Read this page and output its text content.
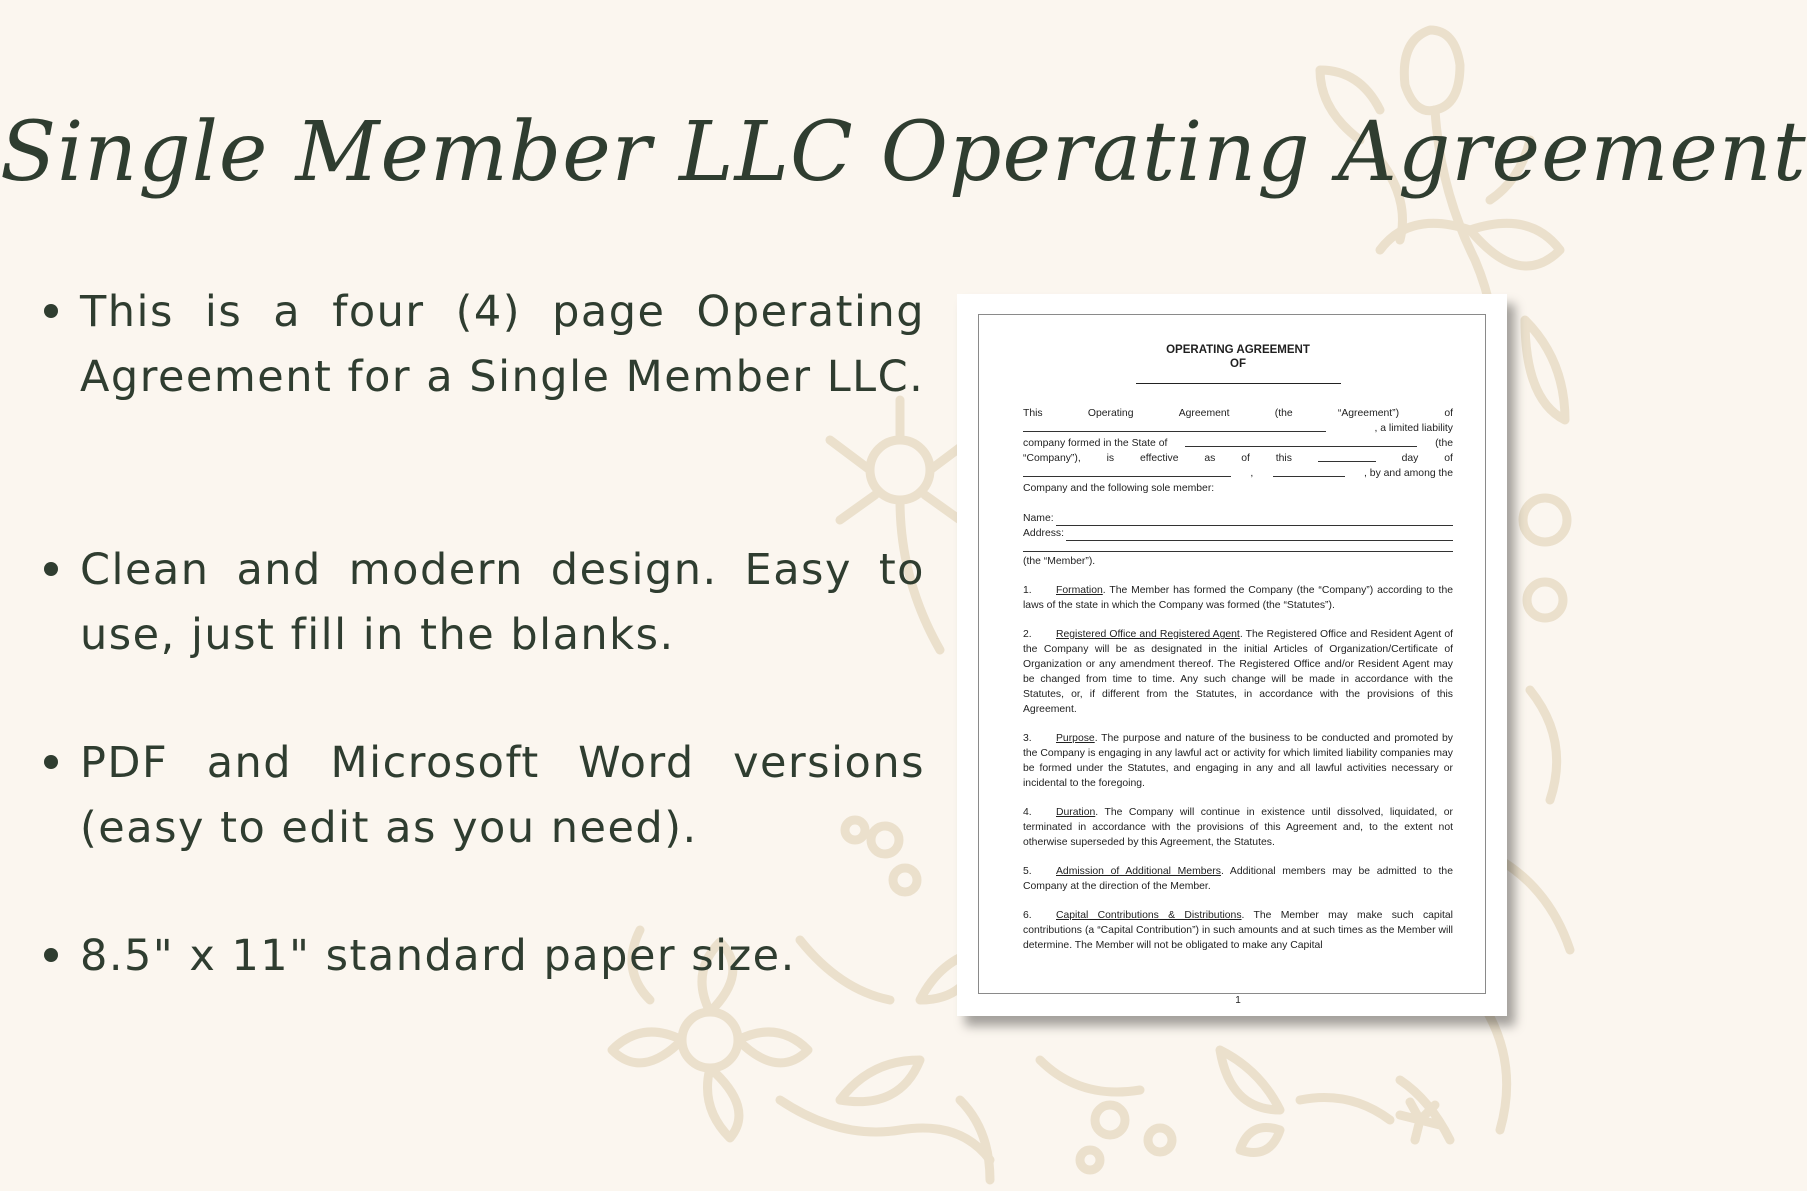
Single Member LLC Operating Agreement
This is a four (4) page Operating Agreement for a Single Member LLC.
Clean and modern design. Easy to use, just fill in the blanks.
PDF and Microsoft Word versions (easy to edit as you need).
8.5" x 11" standard paper size.
OPERATING AGREEMENT
OF
This	Operating	Agreement	(the	“Agreement”)	of
, a limited liability
company formed in the State of	(the
“Company”), is effective as of this	day of
,	, by and among the
Company and the following sole member:
Name:
Address:
(the “Member”).
1. Formation. The Member has formed the Company (the “Company”) according to the laws of the state in which the Company was formed (the “Statutes”).
2. Registered Office and Registered Agent. The Registered Office and Resident Agent of the Company will be as designated in the initial Articles of Organization/Certificate of Organization or any amendment thereof. The Registered Office and/or Resident Agent may be changed from time to time. Any such change will be made in accordance with the Statutes, or, if different from the Statutes, in accordance with the provisions of this Agreement.
3. Purpose. The purpose and nature of the business to be conducted and promoted by the Company is engaging in any lawful act or activity for which limited liability companies may be formed under the Statutes, and engaging in any and all lawful activities necessary or incidental to the foregoing.
4. Duration. The Company will continue in existence until dissolved, liquidated, or terminated in accordance with the provisions of this Agreement and, to the extent not otherwise superseded by this Agreement, the Statutes.
5. Admission of Additional Members. Additional members may be admitted to the Company at the direction of the Member.
6. Capital Contributions & Distributions. The Member may make such capital contributions (a “Capital Contribution”) in such amounts and at such times as the Member will determine. The Member will not be obligated to make any Capital
1
